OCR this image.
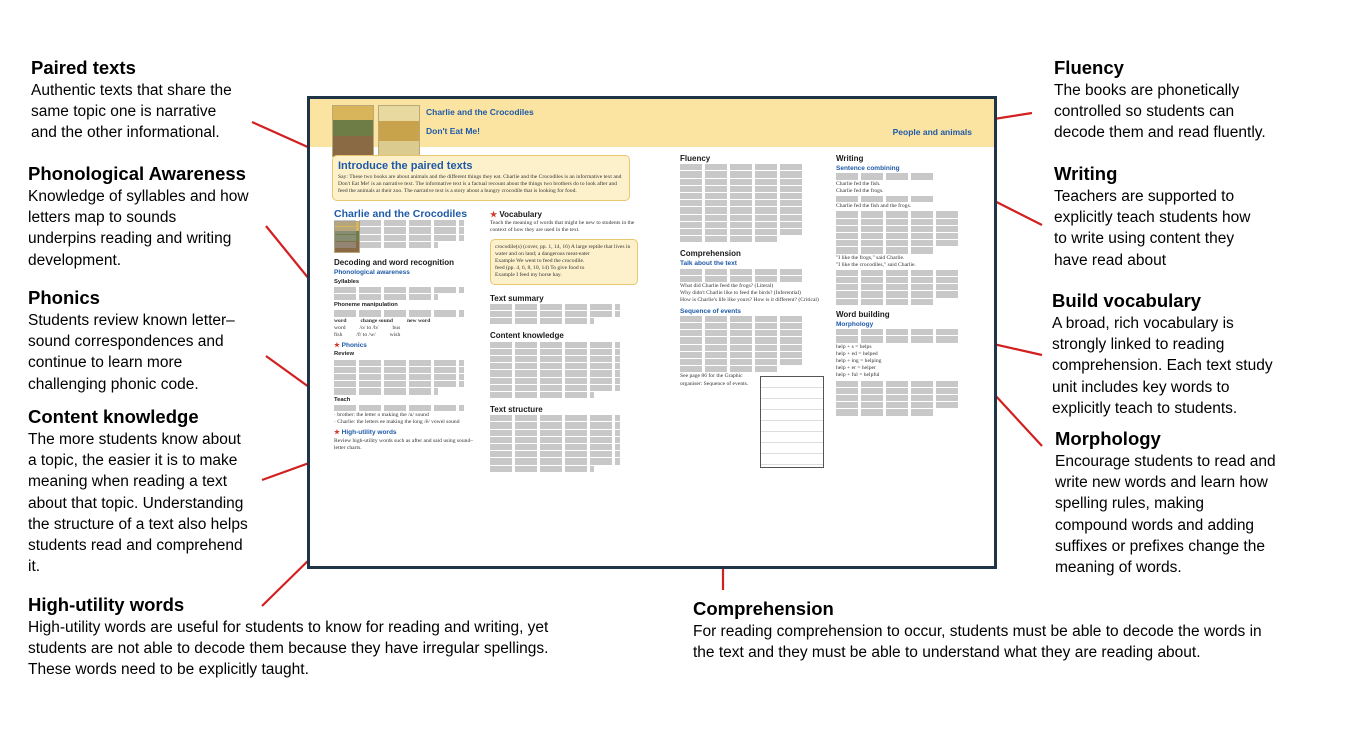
Charlie and the Crocodiles
Don't Eat Me!	People and animals
Introduce the paired texts
Say: These two books are about animals and the different things they eat. Charlie and the Crocodiles is an informative text and Don't Eat Me! is an narrative text. The informative text is a factual recount about the things two brothers do to look after and feed the animals at their zoo. The narrative text is a story about a hungry crocodile that is looking for food.
Charlie and the Crocodiles
Decoding and word recognition
Phonological awareness
Syllables
Phoneme manipulation
word	change sound	new word
word	/o/ to /b/	bus
fish	/f/ to /w/	wish
★ Phonics
Review
Teach
· brother: the letter o making the /u/ sound
· Charlie: the letters ee making the long /ē/ vowel sound
★ High-utility words
Review high-utility words such as after and said using sound–letter charts.
★ Vocabulary
Teach the meaning of words that might be new to students in the context of how they are used in the text.
crocodile(s) (cover, pp. 1, 14, 16) A large reptile that lives in water and on land; a dangerous meat-eater
Example We went to feed the crocodile.
feed (pp. 4, 6, 8, 10, 14) To give food to
Example I feed my horse hay.
Text summary
Content knowledge
Text structure
Fluency
Comprehension
Talk about the text
What did Charlie feed the frogs? (Literal)
Why didn't Charlie like to feed the birds? (Inferential)
How is Charlie's life like yours? How is it different? (Critical)
Sequence of events
See page 86 for the Graphic organiser: Sequence of events.
Writing
Sentence combining
Charlie fed the fish.
Charlie fed the frogs.
Charlie fed the fish and the frogs.
"I like the frogs," said Charlie.
"I like the crocodiles," said Charlie.
Word building
Morphology
help + s = helps
help + ed = helped
help + ing = helping
help + er = helper
help + ful = helpful
Paired texts
Authentic texts that share the
same topic one is narrative
and the other informational.
Phonological Awareness
Knowledge of syllables and how
letters map to sounds
underpins reading and writing
development.
Phonics
Students review known letter–
sound correspondences and
continue to learn more
challenging phonic code.
Content knowledge
The more students know about
a topic, the easier it is to make
meaning when reading a text
about that topic. Understanding
the structure of a text also helps
students read and comprehend
it.
High-utility words
High-utility words are useful for students to know for reading and writing, yet
students are not able to decode them because they have irregular spellings.
These words need to be explicitly taught.
Fluency
The books are phonetically
controlled so students can
decode them and read fluently.
Writing
Teachers are supported to
explicitly teach students how
to write using content they
have read about
Build vocabulary
A broad, rich vocabulary is
strongly linked to reading
comprehension. Each text study
unit includes key words to
explicitly teach to students.
Morphology
Encourage students to read and
write new words and learn how
spelling rules, making
compound words and adding
suffixes or prefixes change the
meaning of words.
Comprehension
For reading comprehension to occur, students must be able to decode the words in
the text and they must be able to understand what they are reading about.
